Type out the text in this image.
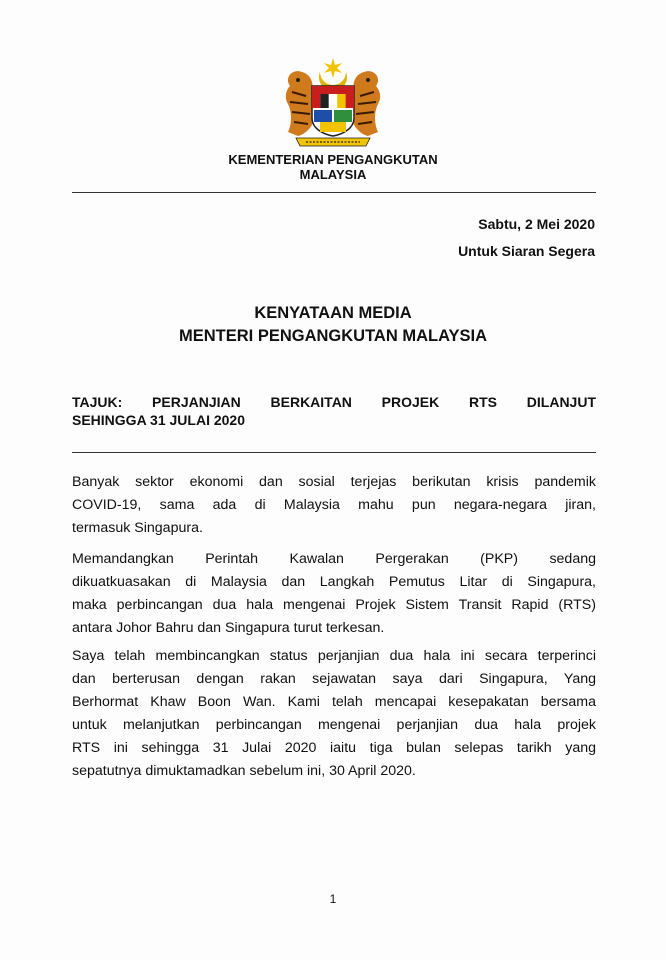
KEMENTERIAN PENGANGKUTAN
MALAYSIA
Sabtu, 2 Mei 2020
Untuk Siaran Segera
KENYATAAN MEDIA
MENTERI PENGANGKUTAN MALAYSIA
TAJUK: PERJANJIAN BERKAITAN PROJEK RTS DILANJUT
SEHINGGA 31 JULAI 2020
Banyak sektor ekonomi dan sosial terjejas berikutan krisis pandemik
COVID-19, sama ada di Malaysia mahu pun negara-negara jiran,
termasuk Singapura.
Memandangkan Perintah Kawalan Pergerakan (PKP) sedang
dikuatkuasakan di Malaysia dan Langkah Pemutus Litar di Singapura,
maka perbincangan dua hala mengenai Projek Sistem Transit Rapid (RTS)
antara Johor Bahru dan Singapura turut terkesan.
Saya telah membincangkan status perjanjian dua hala ini secara terperinci
dan berterusan dengan rakan sejawatan saya dari Singapura, Yang
Berhormat Khaw Boon Wan. Kami telah mencapai kesepakatan bersama
untuk melanjutkan perbincangan mengenai perjanjian dua hala projek
RTS ini sehingga 31 Julai 2020 iaitu tiga bulan selepas tarikh yang
sepatutnya dimuktamadkan sebelum ini, 30 April 2020.
1
